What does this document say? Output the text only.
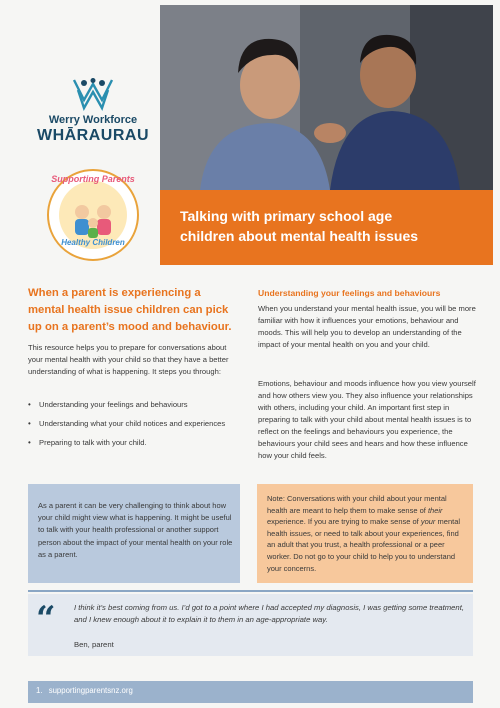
Werry Workforce
WHĀRAURAU
Supporting Parents
Healthy Children
Talking with primary school age
children about mental health issues
When a parent is experiencing a mental health issue children can pick up on a parent’s mood and behaviour.
This resource helps you to prepare for conversations about your mental health with your child so that they have a better understanding of what is happening. It steps you through:
• Understanding your feelings and behaviours
• Understanding what your child notices and experiences
• Preparing to talk with your child.
Understanding your feelings and behaviours
When you understand your mental health issue, you will be more familiar with how it influences your emotions, behaviour and moods. This will help you to develop an understanding of the impact of your mental health on you and your child.
Emotions, behaviour and moods influence how you view yourself and how others view you. They also influence your relationships with others, including your child. An important first step in preparing to talk with your child about mental health issues is to reflect on the feelings and behaviours you experience, the behaviours your child sees and hears and how these influence how your child feels.
As a parent it can be very challenging to think about how your child might view what is happening. It might be useful to talk with your health professional or another support person about the impact of your mental health on your role as a parent.
Note: Conversations with your child about your mental health are meant to help them to make sense of their experience. If you are trying to make sense of your mental health issues, or need to talk about your experiences, find an adult that you trust, a health professional or a peer worker. Do not go to your child to help you to understand your concerns.
“ I think it’s best coming from us. I’d got to a point where I had accepted my diagnosis, I was getting some treatment, and I knew enough about it to explain it to them in an age-appropriate way.
Ben, parent
1. supportingparentsnz.org
